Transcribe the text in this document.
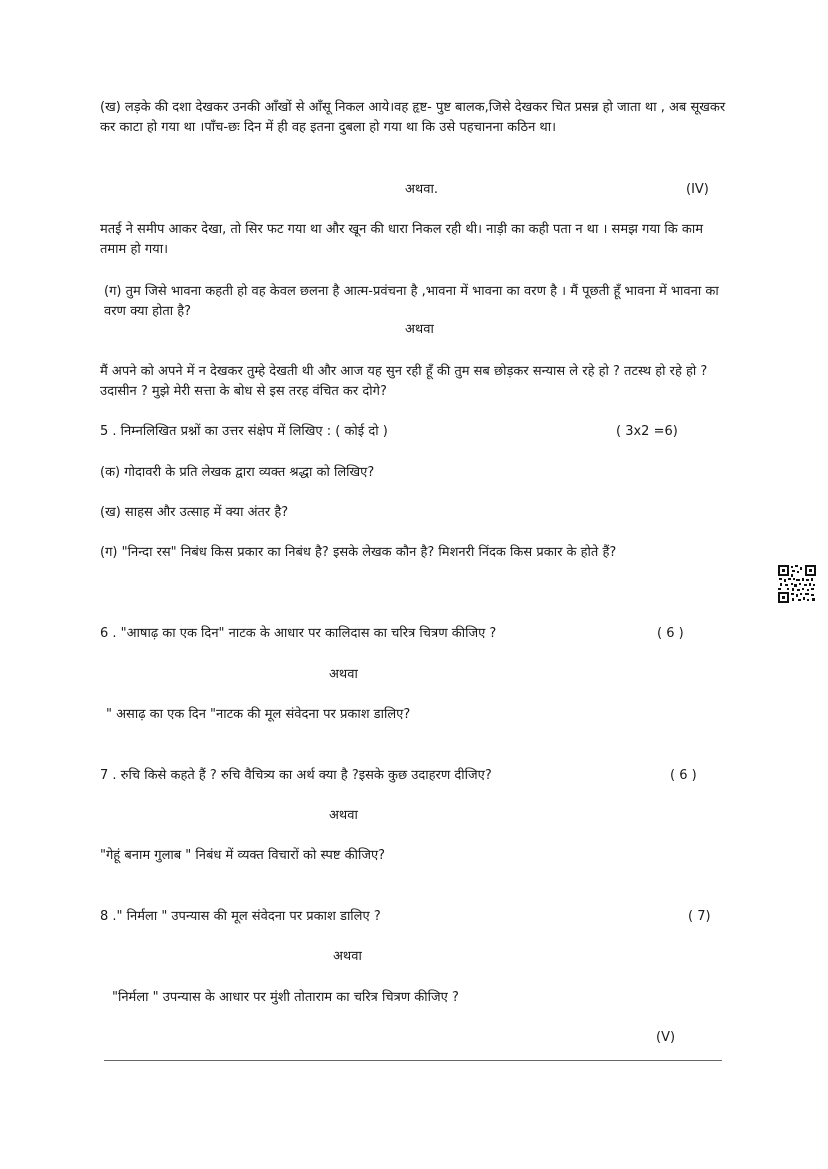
(ख) लड़के की दशा देखकर उनकी आँखों से आँसू निकल आये।वह हृष्ट- पुष्ट बालक,जिसे देखकर चित प्रसन्न हो जाता था , अब सूखकर कर काटा हो गया था ।पाँच-छः दिन में ही वह इतना दुबला हो गया था कि उसे पहचानना कठिन था।
अथवा.	(IV)
मतई ने समीप आकर देखा, तो सिर फट गया था और खून की धारा निकल रही थी। नाड़ी का कही पता न था । समझ गया कि काम तमाम हो गया।
(ग) तुम जिसे भावना कहती हो वह केवल छलना है आत्म-प्रवंचना है ,भावना में भावना का वरण है । मैं पूछती हूँ भावना में भावना का वरण क्या होता है?
अथवा
मैं अपने को अपने में न देखकर तुम्हे देखती थी और आज यह सुन रही हूँ की तुम सब छोड़कर सन्यास ले रहे हो ? तटस्थ हो रहे हो ?उदासीन ? मुझे मेरी सत्ता के बोध से इस तरह वंचित कर दोगे?
5 . निम्नलिखित प्रश्नों का उत्तर संक्षेप में लिखिए : ( कोई दो )	( 3x2 =6)
(क) गोदावरी के प्रति लेखक द्वारा व्यक्त श्रद्धा को लिखिए?
(ख) साहस और उत्साह में क्या अंतर है?
(ग) "निन्दा रस" निबंध किस प्रकार का निबंध है? इसके लेखक कौन है? मिशनरी निंदक किस प्रकार के होते हैं?
6 . "आषाढ़ का एक दिन" नाटक के आधार पर कालिदास का चरित्र चित्रण कीजिए ?	( 6 )
अथवा
" असाढ़ का एक दिन "नाटक की मूल संवेदना पर प्रकाश डालिए?
7 . रुचि किसे कहते हैं ? रुचि वैचित्र्य का अर्थ क्या है ?इसके कुछ उदाहरण दीजिए?	( 6 )
अथवा
"गेहूं बनाम गुलाब " निबंध में व्यक्त विचारों को स्पष्ट कीजिए?
8 ." निर्मला " उपन्यास की मूल संवेदना पर प्रकाश डालिए ?	( 7)
अथवा
"निर्मला " उपन्यास के आधार पर मुंशी तोताराम का चरित्र चित्रण कीजिए ?
(V)
